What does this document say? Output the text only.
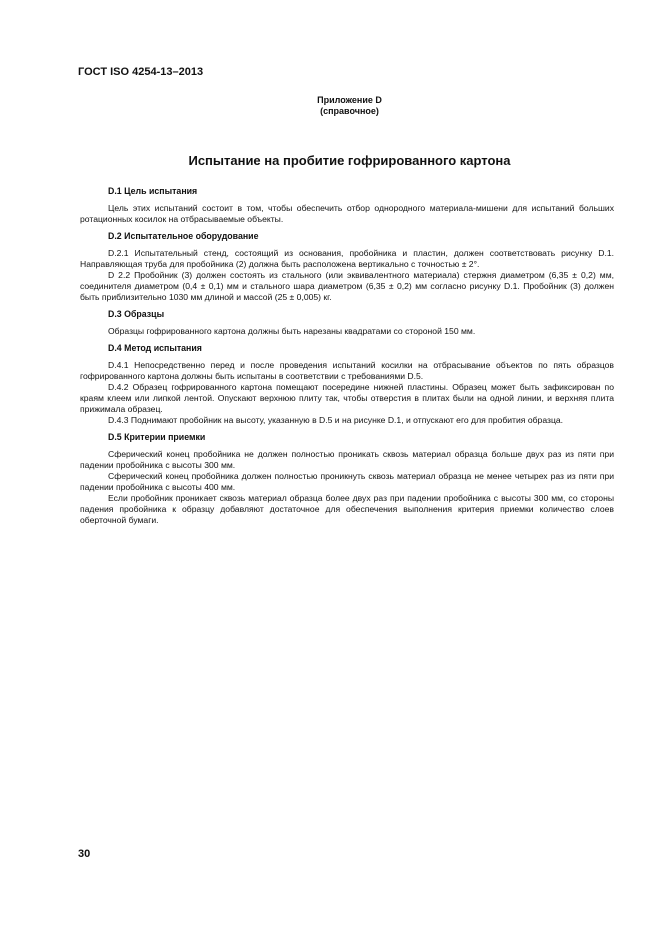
ГОСТ ISO 4254-13–2013
Приложение D
(справочное)
Испытание на пробитие гофрированного картона
D.1 Цель испытания

Цель этих испытаний состоит в том, чтобы обеспечить отбор однородного материала-мишени для испытаний больших ротационных косилок на отбрасываемые объекты.

D.2 Испытательное оборудование

D.2.1 Испытательный стенд, состоящий из основания, пробойника и пластин, должен соответствовать рисунку D.1. Направляющая труба для пробойника (2) должна быть расположена вертикально с точностью ± 2°.

D 2.2 Пробойник (3) должен состоять из стального (или эквивалентного материала) стержня диаметром (6,35 ± 0,2) мм, соединителя диаметром (0,4 ± 0,1) мм и стального шара диаметром (6,35 ± 0,2) мм согласно рисунку D.1. Пробойник (3) должен быть приблизительно 1030 мм длиной и массой (25 ± 0,005) кг.

D.3 Образцы

Образцы гофрированного картона должны быть нарезаны квадратами со стороной 150 мм.

D.4 Метод испытания

D.4.1 Непосредственно перед и после проведения испытаний косилки на отбрасывание объектов по пять образцов гофрированного картона должны быть испытаны в соответствии с требованиями D.5.

D.4.2 Образец гофрированного картона помещают посередине нижней пластины. Образец может быть зафиксирован по краям клеем или липкой лентой. Опускают верхнюю плиту так, чтобы отверстия в плитах были на одной линии, и верхняя плита прижимала образец.

D.4.3 Поднимают пробойник на высоту, указанную в D.5 и на рисунке D.1, и отпускают его для пробития образца.

D.5 Критерии приемки

Сферический конец пробойника не должен полностью проникать сквозь материал образца больше двух раз из пяти при падении пробойника с высоты 300 мм.

Сферический конец пробойника должен полностью проникнуть сквозь материал образца не менее четырех раз из пяти при падении пробойника с высоты 400 мм.

Если пробойник проникает сквозь материал образца более двух раз при падении пробойника с высоты 300 мм, со стороны падения пробойника к образцу добавляют достаточное для обеспечения выполнения критерия приемки количество слоев оберточной бумаги.

30
